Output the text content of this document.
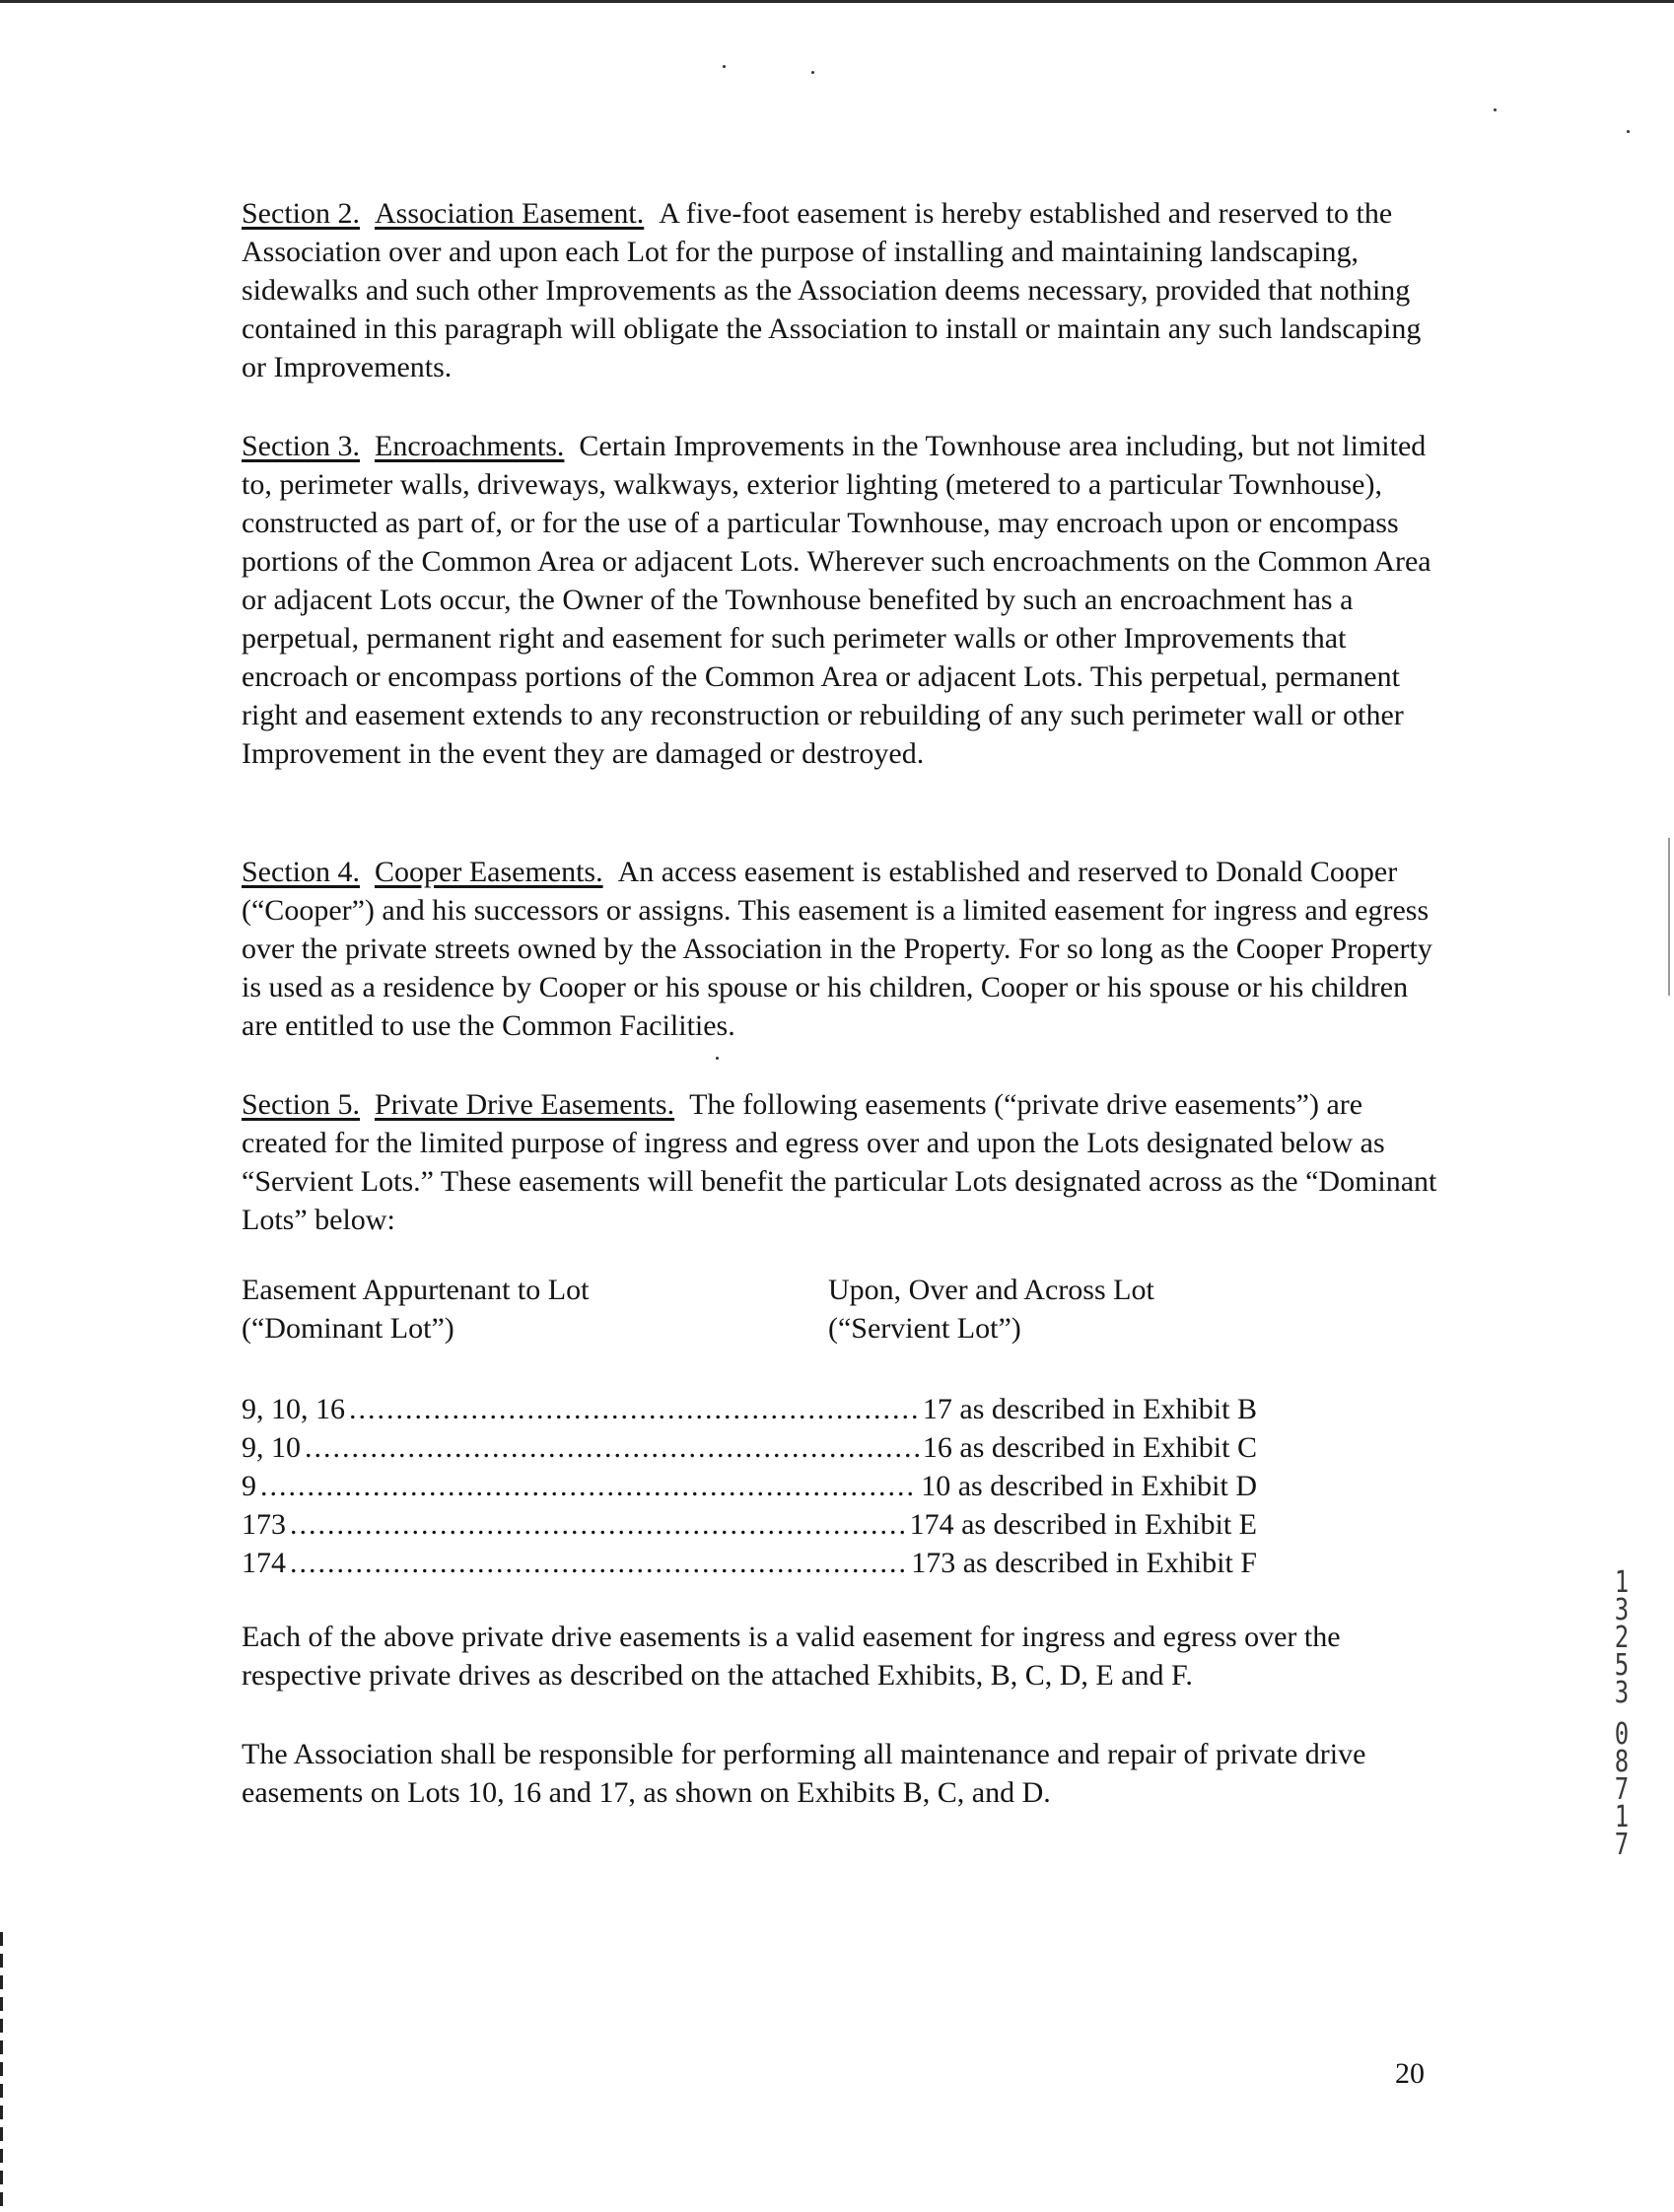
Section 2. Association Easement. A five-foot easement is hereby established and reserved to the Association over and upon each Lot for the purpose of installing and maintaining landscaping, sidewalks and such other Improvements as the Association deems necessary, provided that nothing contained in this paragraph will obligate the Association to install or maintain any such landscaping or Improvements.

Section 3. Encroachments. Certain Improvements in the Townhouse area including, but not limited to, perimeter walls, driveways, walkways, exterior lighting (metered to a particular Townhouse), constructed as part of, or for the use of a particular Townhouse, may encroach upon or encompass portions of the Common Area or adjacent Lots. Wherever such encroachments on the Common Area or adjacent Lots occur, the Owner of the Townhouse benefited by such an encroachment has a perpetual, permanent right and easement for such perimeter walls or other Improvements that encroach or encompass portions of the Common Area or adjacent Lots. This perpetual, permanent right and easement extends to any reconstruction or rebuilding of any such perimeter wall or other Improvement in the event they are damaged or destroyed.

Section 4. Cooper Easements. An access easement is established and reserved to Donald Cooper (“Cooper”) and his successors or assigns. This easement is a limited easement for ingress and egress over the private streets owned by the Association in the Property. For so long as the Cooper Property is used as a residence by Cooper or his spouse or his children, Cooper or his spouse or his children are entitled to use the Common Facilities.

Section 5. Private Drive Easements. The following easements (“private drive easements”) are created for the limited purpose of ingress and egress over and upon the Lots designated below as “Servient Lots.” These easements will benefit the particular Lots designated across as the “Dominant Lots” below:

Easement Appurtenant to Lot
(“Dominant Lot”)
Upon, Over and Across Lot
(“Servient Lot”)
9, 10, 16 .....	17 as described in Exhibit B
9, 10 .....	16 as described in Exhibit C
9 .....	10 as described in Exhibit D
173 .....	174 as described in Exhibit E
174 .....	173 as described in Exhibit F

Each of the above private drive easements is a valid easement for ingress and egress over the respective private drives as described on the attached Exhibits, B, C, D, E and F.

The Association shall be responsible for performing all maintenance and repair of private drive easements on Lots 10, 16 and 17, as shown on Exhibits B, C, and D.

1
3
2
5
3
0
8
7
1
7
20
